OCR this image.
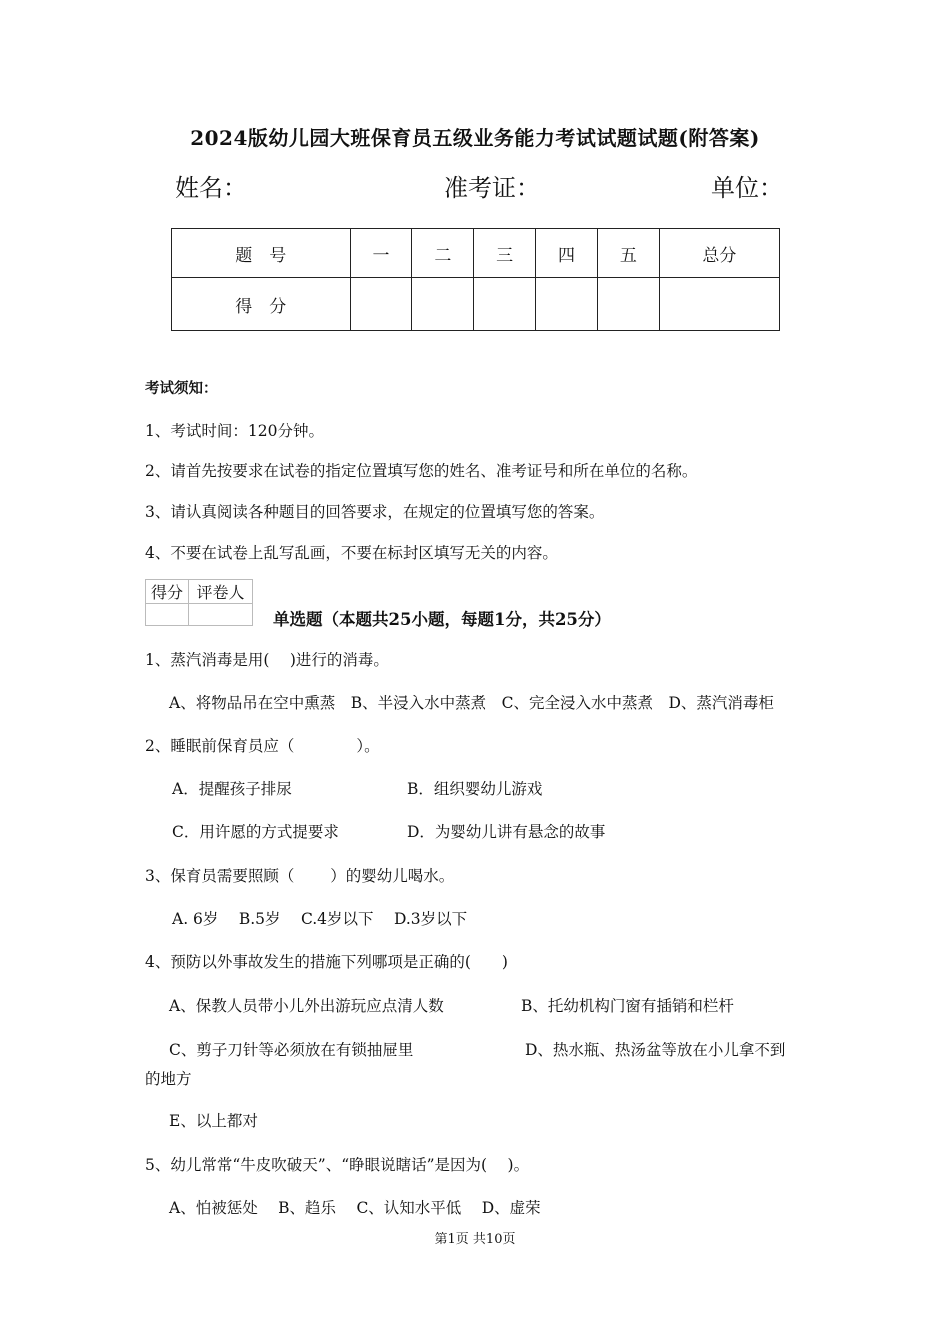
2024版幼儿园大班保育员五级业务能力考试试题试题(附答案)
姓名：	准考证：	单位：
题　号	一	二	三	四	五	总分
得　分						
考试须知：
1、考试时间：120分钟。
2、请首先按要求在试卷的指定位置填写您的姓名、准考证号和所在单位的名称。
3、请认真阅读各种题目的回答要求，在规定的位置填写您的答案。
4、不要在试卷上乱写乱画，不要在标封区填写无关的内容。
得分	评卷人

单选题（本题共25小题，每题1分，共25分）
1、蒸汽消毒是用(　 )进行的消毒。
A、将物品吊在空中熏蒸　B、半浸入水中蒸煮　C、完全浸入水中蒸煮　D、蒸汽消毒柜
2、睡眠前保育员应（　　　　）。
A．提醒孩子排尿	B．组织婴幼儿游戏
C．用许愿的方式提要求	D．为婴幼儿讲有悬念的故事
3、保育员需要照顾（　　 ）的婴幼儿喝水。
A. 6岁　 B.5岁　 C.4岁以下　 D.3岁以下
4、预防以外事故发生的措施下列哪项是正确的(　　)
A、保教人员带小儿外出游玩应点清人数	B、托幼机构门窗有插销和栏杆
C、剪子刀针等必须放在有锁抽屉里	D、热水瓶、热汤盆等放在小儿拿不到
的地方
E、以上都对
5、幼儿常常“牛皮吹破天”、“睁眼说瞎话”是因为(　 )。
A、怕被惩处　 B、趋乐　 C、认知水平低　 D、虚荣
第1页 共10页
